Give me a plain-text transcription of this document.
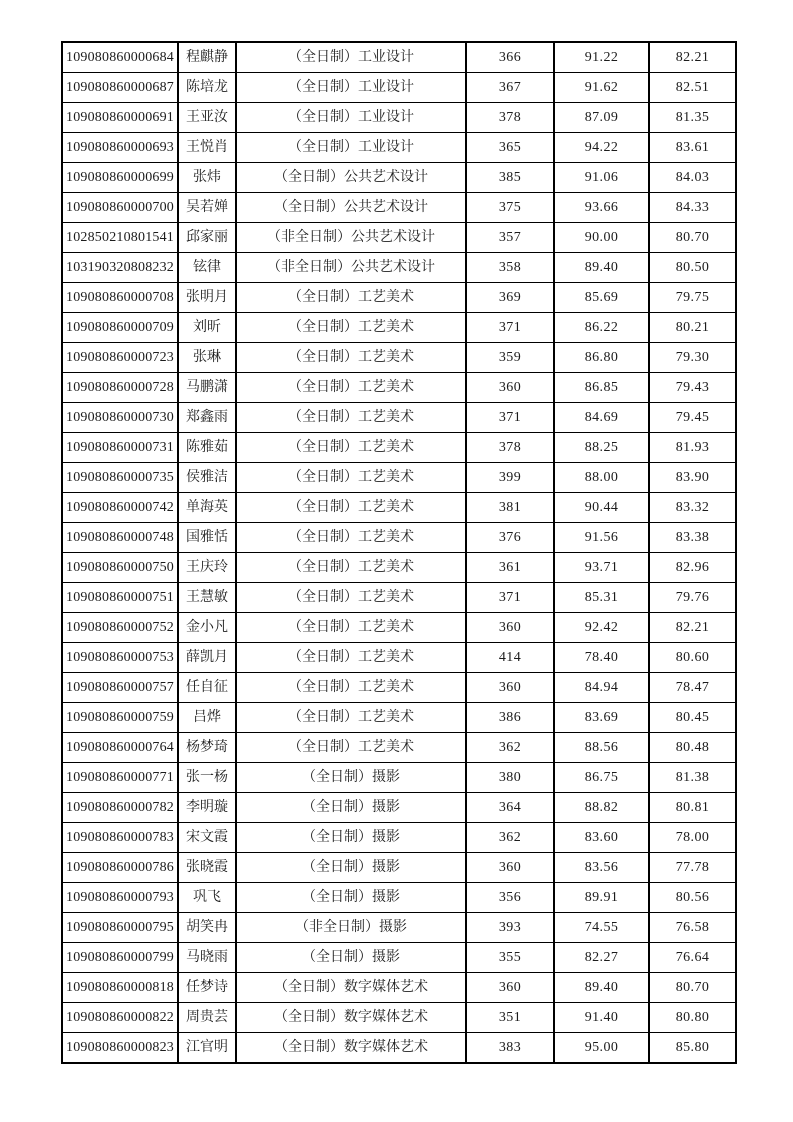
109080860000684	程麒静	（全日制）工业设计	366	91.22	82.21
109080860000687	陈培龙	（全日制）工业设计	367	91.62	82.51
109080860000691	王亚汝	（全日制）工业设计	378	87.09	81.35
109080860000693	王悦肖	（全日制）工业设计	365	94.22	83.61
109080860000699	张炜	（全日制）公共艺术设计	385	91.06	84.03
109080860000700	吴若婵	（全日制）公共艺术设计	375	93.66	84.33
102850210801541	邱家丽	（非全日制）公共艺术设计	357	90.00	80.70
103190320808232	铉律	（非全日制）公共艺术设计	358	89.40	80.50
109080860000708	张明月	（全日制）工艺美术	369	85.69	79.75
109080860000709	刘昕	（全日制）工艺美术	371	86.22	80.21
109080860000723	张琳	（全日制）工艺美术	359	86.80	79.30
109080860000728	马鹏潇	（全日制）工艺美术	360	86.85	79.43
109080860000730	郑鑫雨	（全日制）工艺美术	371	84.69	79.45
109080860000731	陈雅茹	（全日制）工艺美术	378	88.25	81.93
109080860000735	侯雅洁	（全日制）工艺美术	399	88.00	83.90
109080860000742	单海英	（全日制）工艺美术	381	90.44	83.32
109080860000748	国雅恬	（全日制）工艺美术	376	91.56	83.38
109080860000750	王庆玲	（全日制）工艺美术	361	93.71	82.96
109080860000751	王慧敏	（全日制）工艺美术	371	85.31	79.76
109080860000752	金小凡	（全日制）工艺美术	360	92.42	82.21
109080860000753	薛凯月	（全日制）工艺美术	414	78.40	80.60
109080860000757	任自征	（全日制）工艺美术	360	84.94	78.47
109080860000759	吕烨	（全日制）工艺美术	386	83.69	80.45
109080860000764	杨梦琦	（全日制）工艺美术	362	88.56	80.48
109080860000771	张一杨	（全日制）摄影	380	86.75	81.38
109080860000782	李明璇	（全日制）摄影	364	88.82	80.81
109080860000783	宋文霞	（全日制）摄影	362	83.60	78.00
109080860000786	张晓霞	（全日制）摄影	360	83.56	77.78
109080860000793	巩飞	（全日制）摄影	356	89.91	80.56
109080860000795	胡笑冉	（非全日制）摄影	393	74.55	76.58
109080860000799	马晓雨	（全日制）摄影	355	82.27	76.64
109080860000818	任梦诗	（全日制）数字媒体艺术	360	89.40	80.70
109080860000822	周贵芸	（全日制）数字媒体艺术	351	91.40	80.80
109080860000823	江官明	（全日制）数字媒体艺术	383	95.00	85.80
